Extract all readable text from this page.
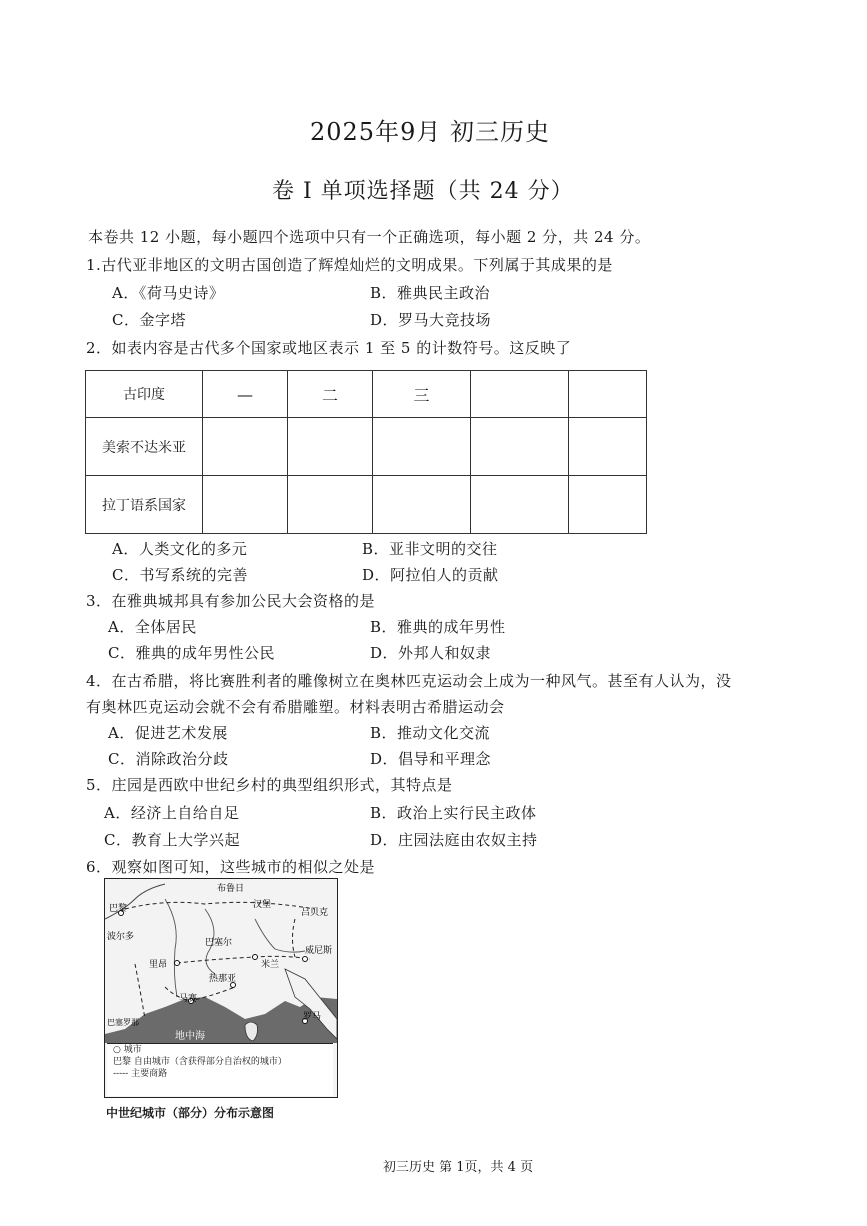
2025年9月 初三历史
卷 Ⅰ 单项选择题（共 24 分）
本卷共 12 小题，每小题四个选项中只有一个正确选项，每小题 2 分，共 24 分。
1.古代亚非地区的文明古国创造了辉煌灿烂的文明成果。下列属于其成果的是
A．《荷马史诗》	B．雅典民主政治
C．金字塔	D．罗马大竞技场
2．如表内容是古代多个国家或地区表示 1 至 5 的计数符号。这反映了
古印度	—	二	三		
美索不达米亚					
拉丁语系国家					
A．人类文化的多元	B．亚非文明的交往
C．书写系统的完善	D．阿拉伯人的贡献
3．在雅典城邦具有参加公民大会资格的是
A．全体居民	B．雅典的成年男性
C．雅典的成年男性公民	D．外邦人和奴隶
4．在古希腊，将比赛胜利者的雕像树立在奥林匹克运动会上成为一种风气。甚至有人认为，没
有奥林匹克运动会就不会有希腊雕塑。材料表明古希腊运动会
A．促进艺术发展	B．推动文化交流
C．消除政治分歧	D．倡导和平理念
5．庄园是西欧中世纪乡村的典型组织形式，其特点是
A．经济上自给自足	B．政治上实行民主政体
C．教育上大学兴起	D．庄园法庭由农奴主持
6．观察如图可知，这些城市的相似之处是
巴黎
布鲁日
波尔多
汉堡
吕贝克
里昂
巴塞尔
米兰
威尼斯
热那亚
马赛
巴塞罗那
罗马
地中海
○ 城市
巴黎 自由城市（含获得部分自治权的城市）
----- 主要商路
中世纪城市（部分）分布示意图
初三历史 第 1页，共 4 页
